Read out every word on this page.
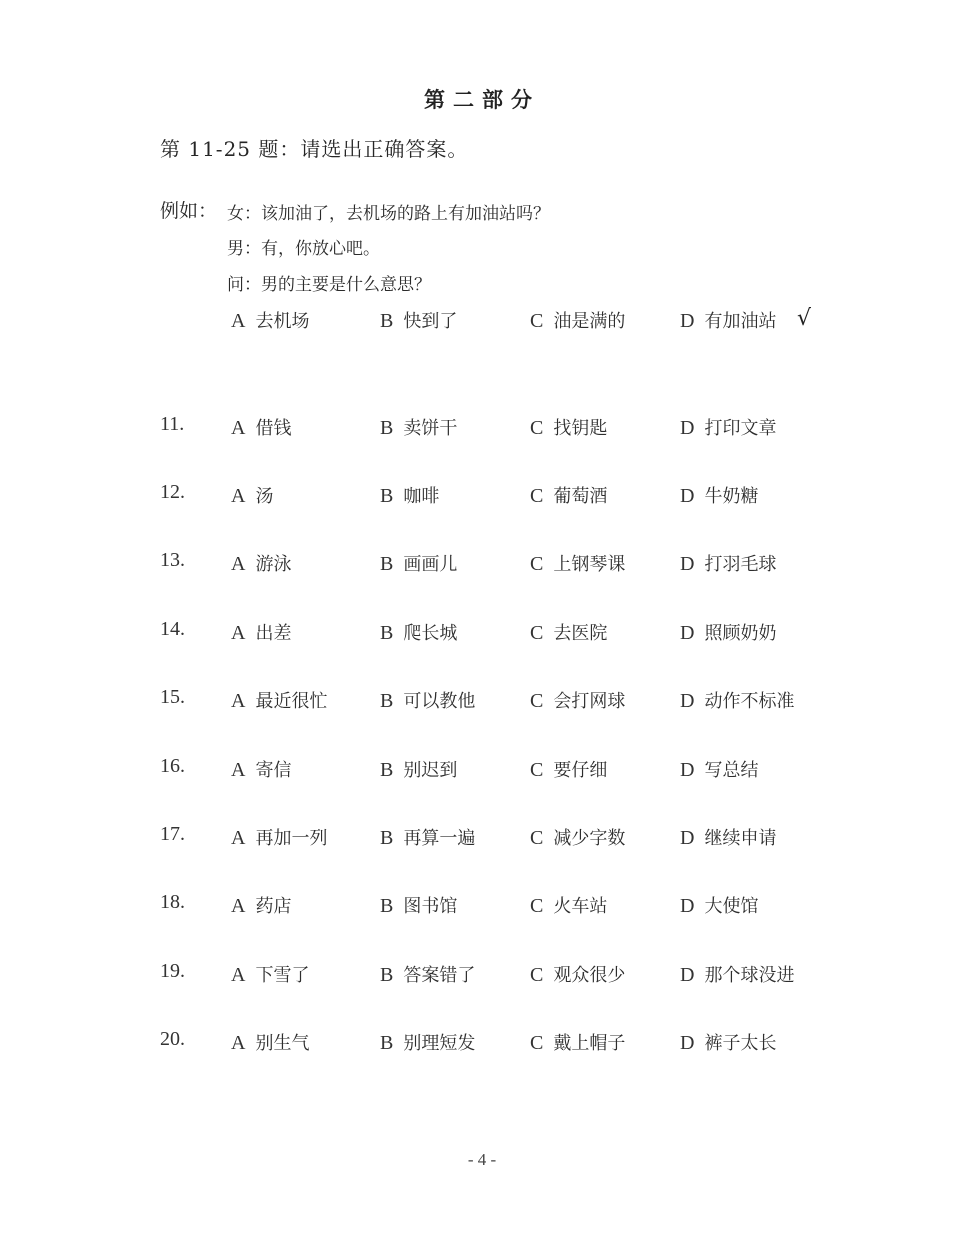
第二部分
第 11-25 题：请选出正确答案。
例如： 女：该加油了，去机场的路上有加油站吗？
男：有，你放心吧。
问：男的主要是什么意思？
A 去机场	B 快到了	C 油是满的	D 有加油站 √
11. A 借钱	B 卖饼干	C 找钥匙	D 打印文章
12. A 汤	B 咖啡	C 葡萄酒	D 牛奶糖
13. A 游泳	B 画画儿	C 上钢琴课	D 打羽毛球
14. A 出差	B 爬长城	C 去医院	D 照顾奶奶
15. A 最近很忙	B 可以教他	C 会打网球	D 动作不标准
16. A 寄信	B 别迟到	C 要仔细	D 写总结
17. A 再加一列	B 再算一遍	C 减少字数	D 继续申请
18. A 药店	B 图书馆	C 火车站	D 大使馆
19. A 下雪了	B 答案错了	C 观众很少	D 那个球没进
20. A 别生气	B 别理短发	C 戴上帽子	D 裤子太长
- 4 -
